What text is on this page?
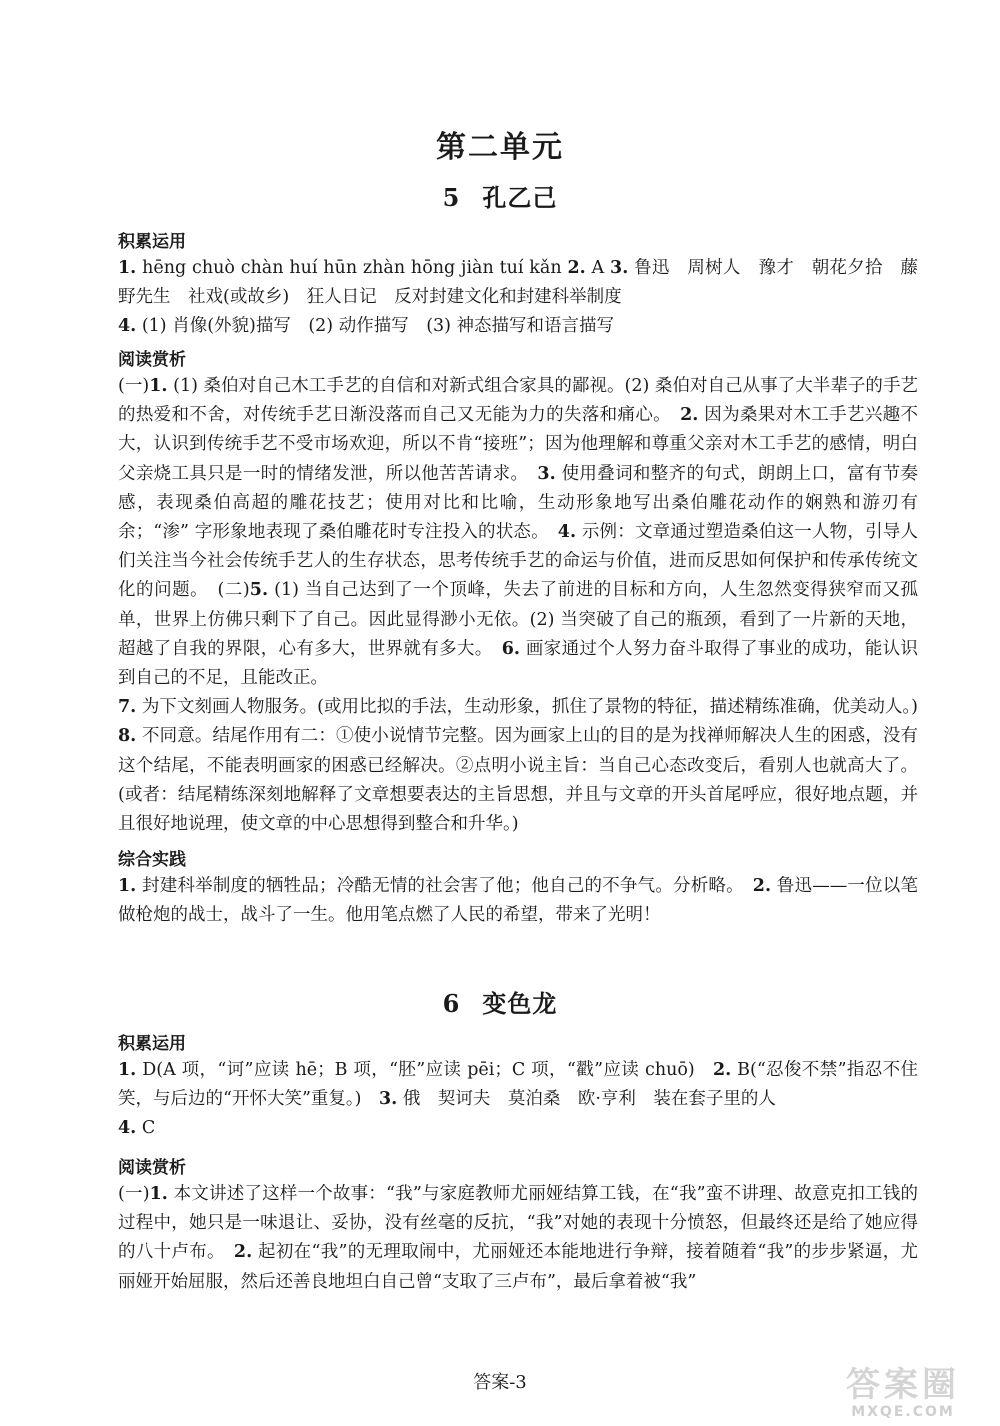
第二单元
5 孔乙己
积累运用
1. hēng chuò chàn huí hūn zhàn hōng jiàn tuí kǎn 2. A 3. 鲁迅　周树人　豫才　朝花夕拾　藤野先生　社戏(或故乡)　狂人日记　反对封建文化和封建科举制度
4. (1) 肖像(外貌)描写　(2) 动作描写　(3) 神态描写和语言描写
阅读赏析
(一)1. (1) 桑伯对自己木工手艺的自信和对新式组合家具的鄙视。(2) 桑伯对自己从事了大半辈子的手艺的热爱和不舍，对传统手艺日渐没落而自己又无能为力的失落和痛心。　2. 因为桑果对木工手艺兴趣不大，认识到传统手艺不受市场欢迎，所以不肯“接班”；因为他理解和尊重父亲对木工手艺的感情，明白父亲烧工具只是一时的情绪发泄，所以他苦苦请求。　3. 使用叠词和整齐的句式，朗朗上口，富有节奏感，表现桑伯高超的雕花技艺；使用对比和比喻，生动形象地写出桑伯雕花动作的娴熟和游刃有余；“渗” 字形象地表现了桑伯雕花时专注投入的状态。　4. 示例：文章通过塑造桑伯这一人物，引导人们关注当今社会传统手艺人的生存状态，思考传统手艺的命运与价值，进而反思如何保护和传承传统文化的问题。　(二)5. (1) 当自己达到了一个顶峰，失去了前进的目标和方向，人生忽然变得狭窄而又孤单，世界上仿佛只剩下了自己。因此显得渺小无依。(2) 当突破了自己的瓶颈，看到了一片新的天地，超越了自我的界限，心有多大，世界就有多大。　6. 画家通过个人努力奋斗取得了事业的成功，能认识到自己的不足，且能改正。
7. 为下文刻画人物服务。(或用比拟的手法，生动形象，抓住了景物的特征，描述精练准确，优美动人。)　8. 不同意。结尾作用有二：①使小说情节完整。因为画家上山的目的是为找禅师解决人生的困惑，没有这个结尾，不能表明画家的困惑已经解决。②点明小说主旨：当自己心态改变后，看别人也就高大了。(或者：结尾精练深刻地解释了文章想要表达的主旨思想，并且与文章的开头首尾呼应，很好地点题，并且很好地说理，使文章的中心思想得到整合和升华。)
综合实践
1. 封建科举制度的牺牲品；冷酷无情的社会害了他；他自己的不争气。分析略。　2. 鲁迅——一位以笔做枪炮的战士，战斗了一生。他用笔点燃了人民的希望，带来了光明！
6 变色龙
积累运用
1. D(A 项，“诃”应读 hē；B 项，“胚”应读 pēi；C 项，“戳”应读 chuō)　2. B(“忍俊不禁”指忍不住笑，与后边的“开怀大笑”重复。)　3. 俄　契诃夫　莫泊桑　欧·亨利　装在套子里的人
4. C
阅读赏析
(一)1. 本文讲述了这样一个故事：“我”与家庭教师尤丽娅结算工钱，在“我”蛮不讲理、故意克扣工钱的过程中，她只是一味退让、妥协，没有丝毫的反抗，“我”对她的表现十分愤怒，但最终还是给了她应得的八十卢布。　2. 起初在“我”的无理取闹中，尤丽娅还本能地进行争辩，接着随着“我”的步步紧逼，尤丽娅开始屈服，然后还善良地坦白自己曾“支取了三卢布”，最后拿着被“我”
答案-3	答案圈
MXQE.COM
